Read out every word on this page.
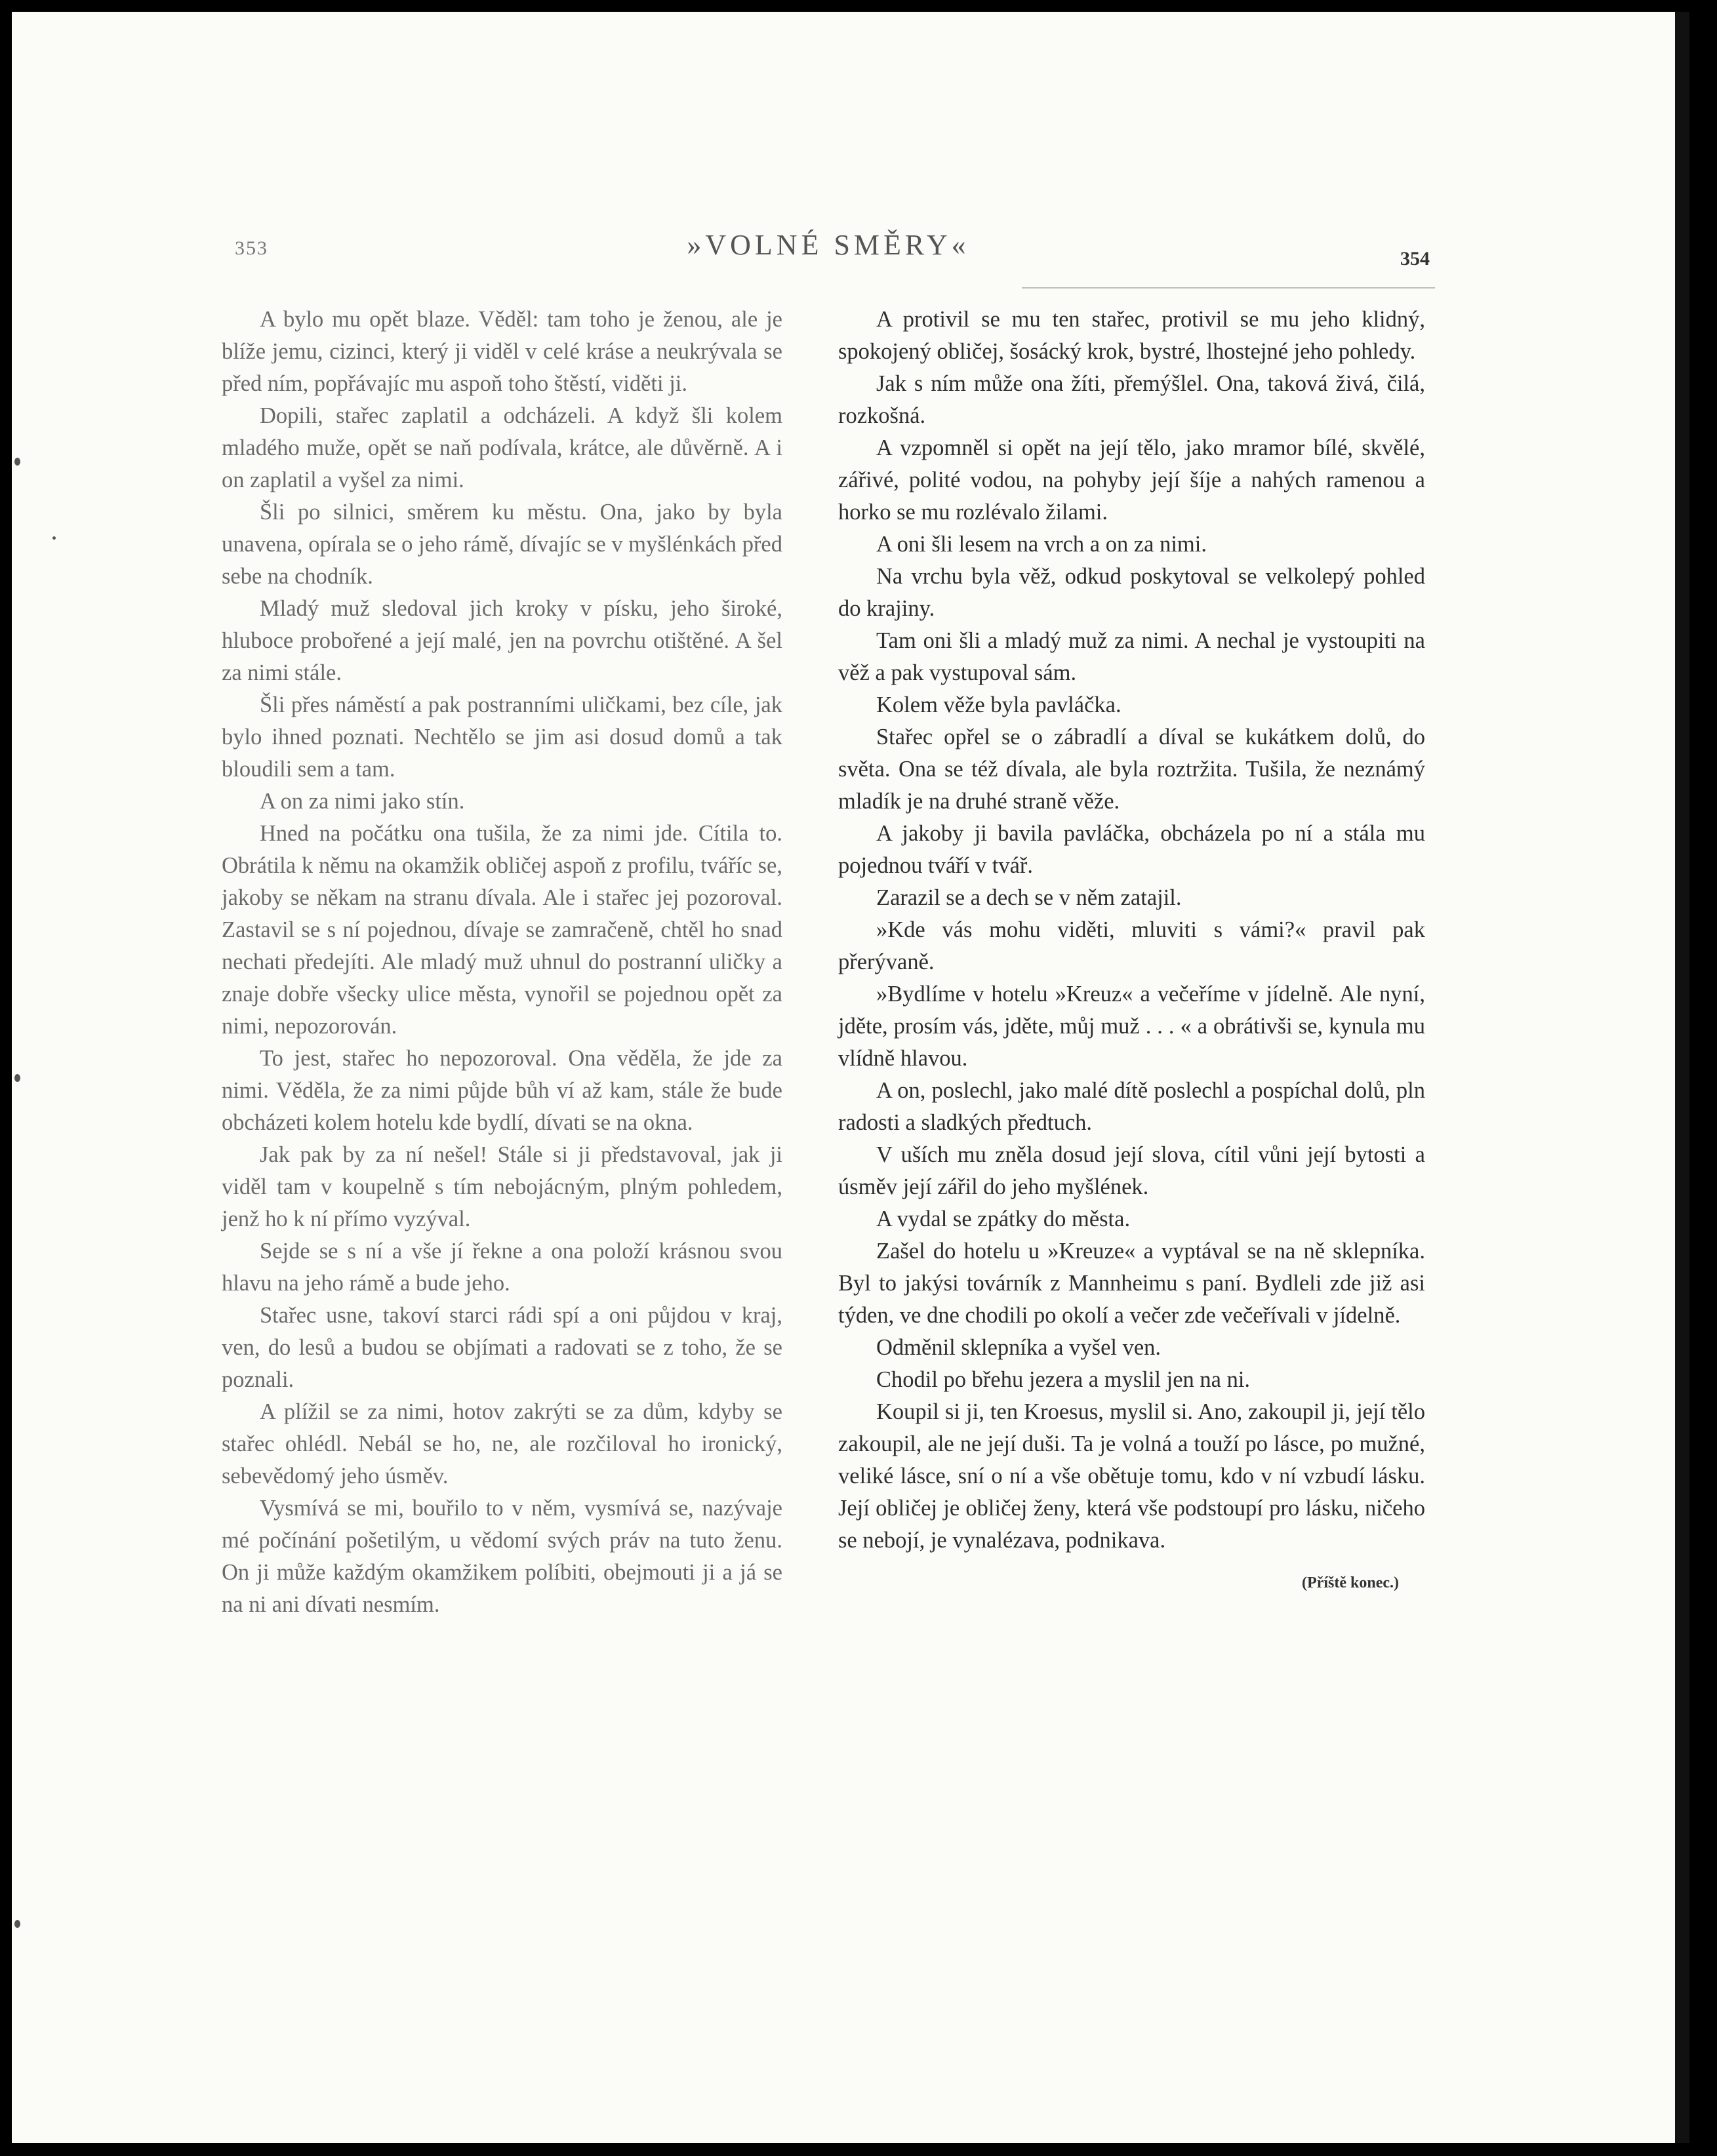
353	»VOLNÉ SMĚRY«	354

A bylo mu opět blaze. Věděl: tam toho je ženou, ale je blíže jemu, cizinci, který ji viděl v celé kráse a neukrývala se před ním, popřávajíc mu aspoň toho štěstí, viděti ji.

Dopili, stařec zaplatil a odcházeli. A když šli kolem mladého muže, opět se naň podívala, krátce, ale důvěrně. A i on zaplatil a vyšel za nimi.

Šli po silnici, směrem ku městu. Ona, jako by byla unavena, opírala se o jeho rámě, dívajíc se v myšlénkách před sebe na chodník.

Mladý muž sledoval jich kroky v písku, jeho široké, hluboce probořené a její malé, jen na povrchu otištěné. A šel za nimi stále.

Šli přes náměstí a pak postranními uličkami, bez cíle, jak bylo ihned poznati. Nechtělo se jim asi dosud domů a tak bloudili sem a tam.

A on za nimi jako stín.

Hned na počátku ona tušila, že za nimi jde. Cítila to. Obrátila k němu na okamžik obličej aspoň z profilu, tváříc se, jakoby se někam na stranu dívala. Ale i stařec jej pozoroval. Zastavil se s ní pojednou, dívaje se zamračeně, chtěl ho snad nechati předejíti. Ale mladý muž uhnul do postranní uličky a znaje dobře všecky ulice města, vynořil se pojednou opět za nimi, nepozorován.

To jest, stařec ho nepozoroval. Ona věděla, že jde za nimi. Věděla, že za nimi půjde bůh ví až kam, stále že bude obcházeti kolem hotelu kde bydlí, dívati se na okna.

Jak pak by za ní nešel! Stále si ji představoval, jak ji viděl tam v koupelně s tím nebojácným, plným pohledem, jenž ho k ní přímo vyzýval.

Sejde se s ní a vše jí řekne a ona položí krásnou svou hlavu na jeho rámě a bude jeho.

Stařec usne, takoví starci rádi spí a oni půjdou v kraj, ven, do lesů a budou se objímati a radovati se z toho, že se poznali.

A plížil se za nimi, hotov zakrýti se za dům, kdyby se stařec ohlédl. Nebál se ho, ne, ale rozčiloval ho ironický, sebevědomý jeho úsměv.

Vysmívá se mi, bouřilo to v něm, vysmívá se, nazývaje mé počínání pošetilým, u vědomí svých práv na tuto ženu. On ji může každým okamžikem políbiti, obejmouti ji a já se na ni ani dívati nesmím.

A protivil se mu ten stařec, protivil se mu jeho klidný, spokojený obličej, šosácký krok, bystré, lhostejné jeho pohledy.

Jak s ním může ona žíti, přemýšlel. Ona, taková živá, čilá, rozkošná.

A vzpomněl si opět na její tělo, jako mramor bílé, skvělé, zářivé, polité vodou, na pohyby její šíje a nahých ramenou a horko se mu rozlévalo žilami.

A oni šli lesem na vrch a on za nimi.

Na vrchu byla věž, odkud poskytoval se velkolepý pohled do krajiny.

Tam oni šli a mladý muž za nimi. A nechal je vystoupiti na věž a pak vystupoval sám.

Kolem věže byla pavláčka.

Stařec opřel se o zábradlí a díval se kukátkem dolů, do světa. Ona se též dívala, ale byla roztržita. Tušila, že neznámý mladík je na druhé straně věže.

A jakoby ji bavila pavláčka, obcházela po ní a stála mu pojednou tváří v tvář.

Zarazil se a dech se v něm zatajil.

»Kde vás mohu viděti, mluviti s vámi?« pravil pak přerývaně.

»Bydlíme v hotelu »Kreuz« a večeříme v jídelně. Ale nyní, jděte, prosím vás, jděte, můj muž . . . « a obrátivši se, kynula mu vlídně hlavou.

A on, poslechl, jako malé dítě poslechl a pospíchal dolů, pln radosti a sladkých předtuch.

V uších mu zněla dosud její slova, cítil vůni její bytosti a úsměv její zářil do jeho myšlének.

A vydal se zpátky do města.

Zašel do hotelu u »Kreuze« a vyptával se na ně sklepníka. Byl to jakýsi továrník z Mannheimu s paní. Bydleli zde již asi týden, ve dne chodili po okolí a večer zde večeřívali v jídelně.

Odměnil sklepníka a vyšel ven.

Chodil po břehu jezera a myslil jen na ni.

Koupil si ji, ten Kroesus, myslil si. Ano, zakoupil ji, její tělo zakoupil, ale ne její duši. Ta je volná a touží po lásce, po mužné, veliké lásce, sní o ní a vše obětuje tomu, kdo v ní vzbudí lásku. Její obličej je obličej ženy, která vše podstoupí pro lásku, ničeho se nebojí, je vynalézava, podnikava.

(Příště konec.)
